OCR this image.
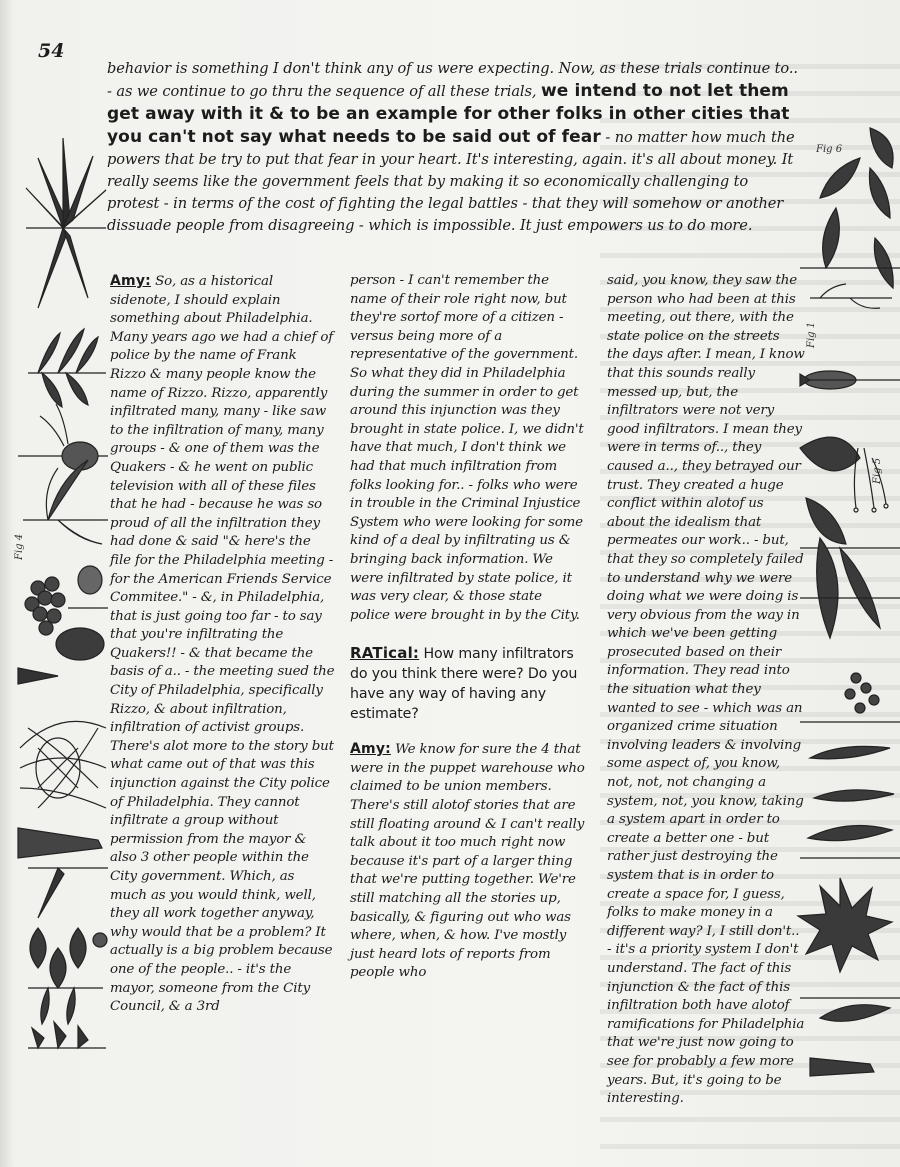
54
behavior is something I don't think any of us were expecting. Now, as these trials continue to.. - as we continue to go thru the sequence of all these trials, we intend to not let them get away with it & to be an example for other folks in other cities that you can't not say what needs to be said out of fear - no matter how much the powers that be try to put that fear in your heart. It's interesting, again. it's all about money. It really seems like the government feels that by making it so economically challenging to protest - in terms of the cost of fighting the legal battles - that they will somehow or another dissuade people from disagreeing - which is impossible. It just empowers us to do more.

Amy: So, as a historical sidenote, I should explain something about Philadelphia. Many years ago we had a chief of police by the name of Frank Rizzo & many people know the name of Rizzo. Rizzo, apparently infiltrated many, many - like saw to the infiltration of many, many groups - & one of them was the Quakers - & he went on public television with all of these files that he had - because he was so proud of all the infiltration they had done & said "& here's the file for the Philadelphia meeting - for the American Friends Service Commitee." - &, in Philadelphia, that is just going too far - to say that you're infiltrating the Quakers!! - & that became the basis of a.. - the meeting sued the City of Philadelphia, specifically Rizzo, & about infiltration, infiltration of activist groups. There's alot more to the story but what came out of that was this injunction against the City police of Philadelphia. They cannot infiltrate a group without permission from the mayor & also 3 other people within the City government. Which, as much as you would think, well, they all work together anyway, why would that be a problem? It actually is a big problem because one of the people.. - it's the mayor, someone from the City Council, & a 3rd

person - I can't remember the name of their role right now, but they're sortof more of a citizen - versus being more of a representative of the government. So what they did in Philadelphia during the summer in order to get around this injunction was they brought in state police. I, we didn't have that much, I don't think we had that much infiltration from folks looking for.. - folks who were in trouble in the Criminal Injustice System who were looking for some kind of a deal by infiltrating us & bringing back information. We were infiltrated by state police, it was very clear, & those state police were brought in by the City.

RATical: How many infiltrators do you think there were? Do you have any way of having any estimate?

Amy: We know for sure the 4 that were in the puppet warehouse who claimed to be union members. There's still alotof stories that are still floating around & I can't really talk about it too much right now because it's part of a larger thing that we're putting together. We're still matching all the stories up, basically, & figuring out who was where, when, & how. I've mostly just heard lots of reports from people who

said, you know, they saw the person who had been at this meeting, out there, with the state police on the streets the days after. I mean, I know that this sounds really messed up, but, the infiltrators were not very good infiltrators. I mean they were in terms of.., they caused a.., they betrayed our trust. They created a huge conflict within alotof us about the idealism that permeates our work.. - but, that they so completely failed to understand why we were doing what we were doing is very obvious from the way in which we've been getting prosecuted based on their information. They read into the situation what they wanted to see - which was an organized crime situation involving leaders & involving some aspect of, you know, not, not, not changing a system, not, you know, taking a system apart in order to create a better one - but rather just destroying the system that is in order to create a space for, I guess, folks to make money in a different way? I, I still don't.. - it's a priority system I don't understand. The fact of this injunction & the fact of this infiltration both have alotof ramifications for Philadelphia that we're just now going to see for probably a few more years. But, it's going to be interesting.

Fig 4
Fig 6
Fig 1
Fig 5
